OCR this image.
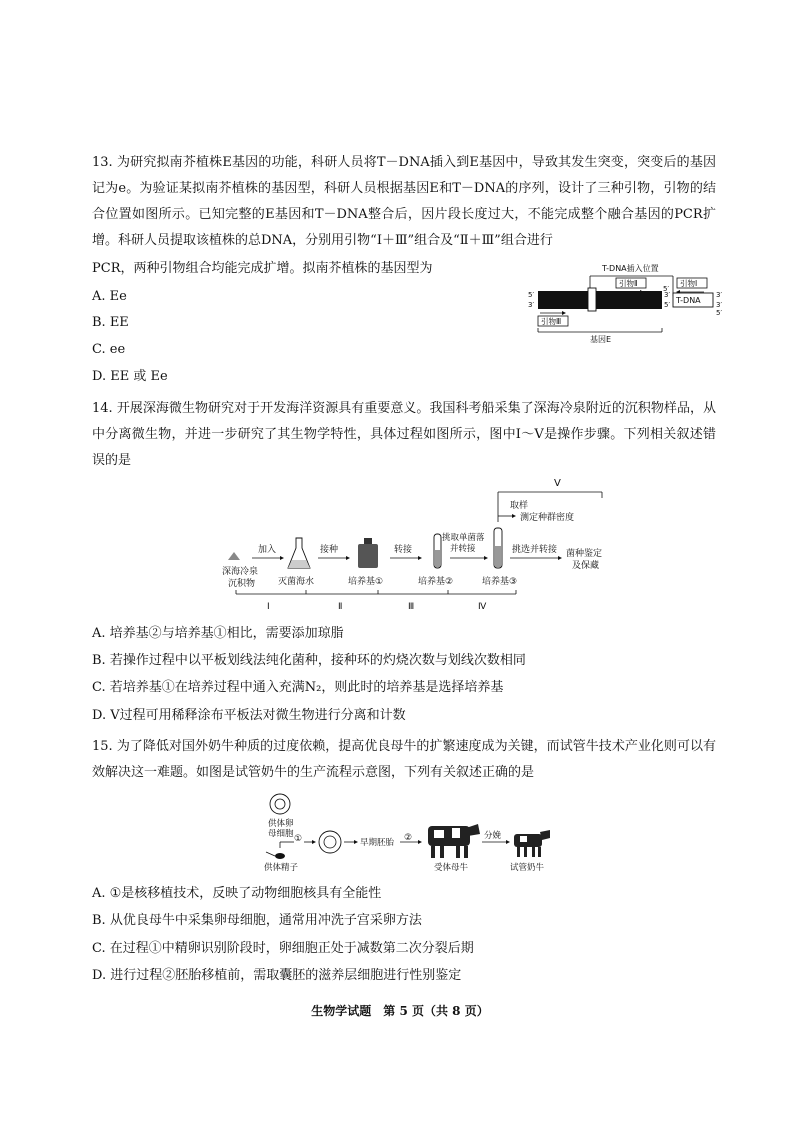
13. 为研究拟南芥植株E基因的功能，科研人员将T－DNA插入到E基因中，导致其发生突变，突变后的基因记为e。为验证某拟南芥植株的基因型，科研人员根据基因E和T－DNA的序列，设计了三种引物，引物的结合位置如图所示。已知完整的E基因和T－DNA整合后，因片段长度过大，不能完成整个融合基因的PCR扩增。科研人员提取该植株的总DNA，分别用引物“Ⅰ＋Ⅲ”组合及“Ⅱ＋Ⅲ”组合进行
PCR，两种引物组合均能完成扩增。拟南芥植株的基因型为
A. Ee
B. EE
C. ee
D. EE 或 Ee
T-DNA插入位置
引物Ⅱ	引物Ⅰ
5′
3′
3′
5′
5′
T-DNA
3′
3′
5′
引物Ⅲ
基因E
14. 开展深海微生物研究对于开发海洋资源具有重要意义。我国科考船采集了深海冷泉附近的沉积物样品，从中分离微生物，并进一步研究了其生物学特性，具体过程如图所示，图中Ⅰ～Ⅴ是操作步骤。下列相关叙述错误的是
Ⅴ
取样
测定种群密度
深海冷泉
沉积物
加入
灭菌海水
接种
培养基①
转接
培养基②
挑取单菌落
并转接
培养基③
挑选并转接 菌种鉴定
及保藏
Ⅰ	Ⅱ	Ⅲ	Ⅳ
A. 培养基②与培养基①相比，需要添加琼脂
B. 若操作过程中以平板划线法纯化菌种，接种环的灼烧次数与划线次数相同
C. 若培养基①在培养过程中通入充满N₂，则此时的培养基是选择培养基
D. Ⅴ过程可用稀释涂布平板法对微生物进行分离和计数
15. 为了降低对国外奶牛种质的过度依赖，提高优良母牛的扩繁速度成为关键，而试管牛技术产业化则可以有效解决这一难题。如图是试管奶牛的生产流程示意图，下列有关叙述正确的是
供体卵
母细胞 ①
供体精子
早期胚胎 ②
受体母牛
分娩
试管奶牛
A. ①是核移植技术，反映了动物细胞核具有全能性
B. 从优良母牛中采集卵母细胞，通常用冲洗子宫采卵方法
C. 在过程①中精卵识别阶段时，卵细胞正处于减数第二次分裂后期
D. 进行过程②胚胎移植前，需取囊胚的滋养层细胞进行性别鉴定
生物学试题　第 5 页（共 8 页）
